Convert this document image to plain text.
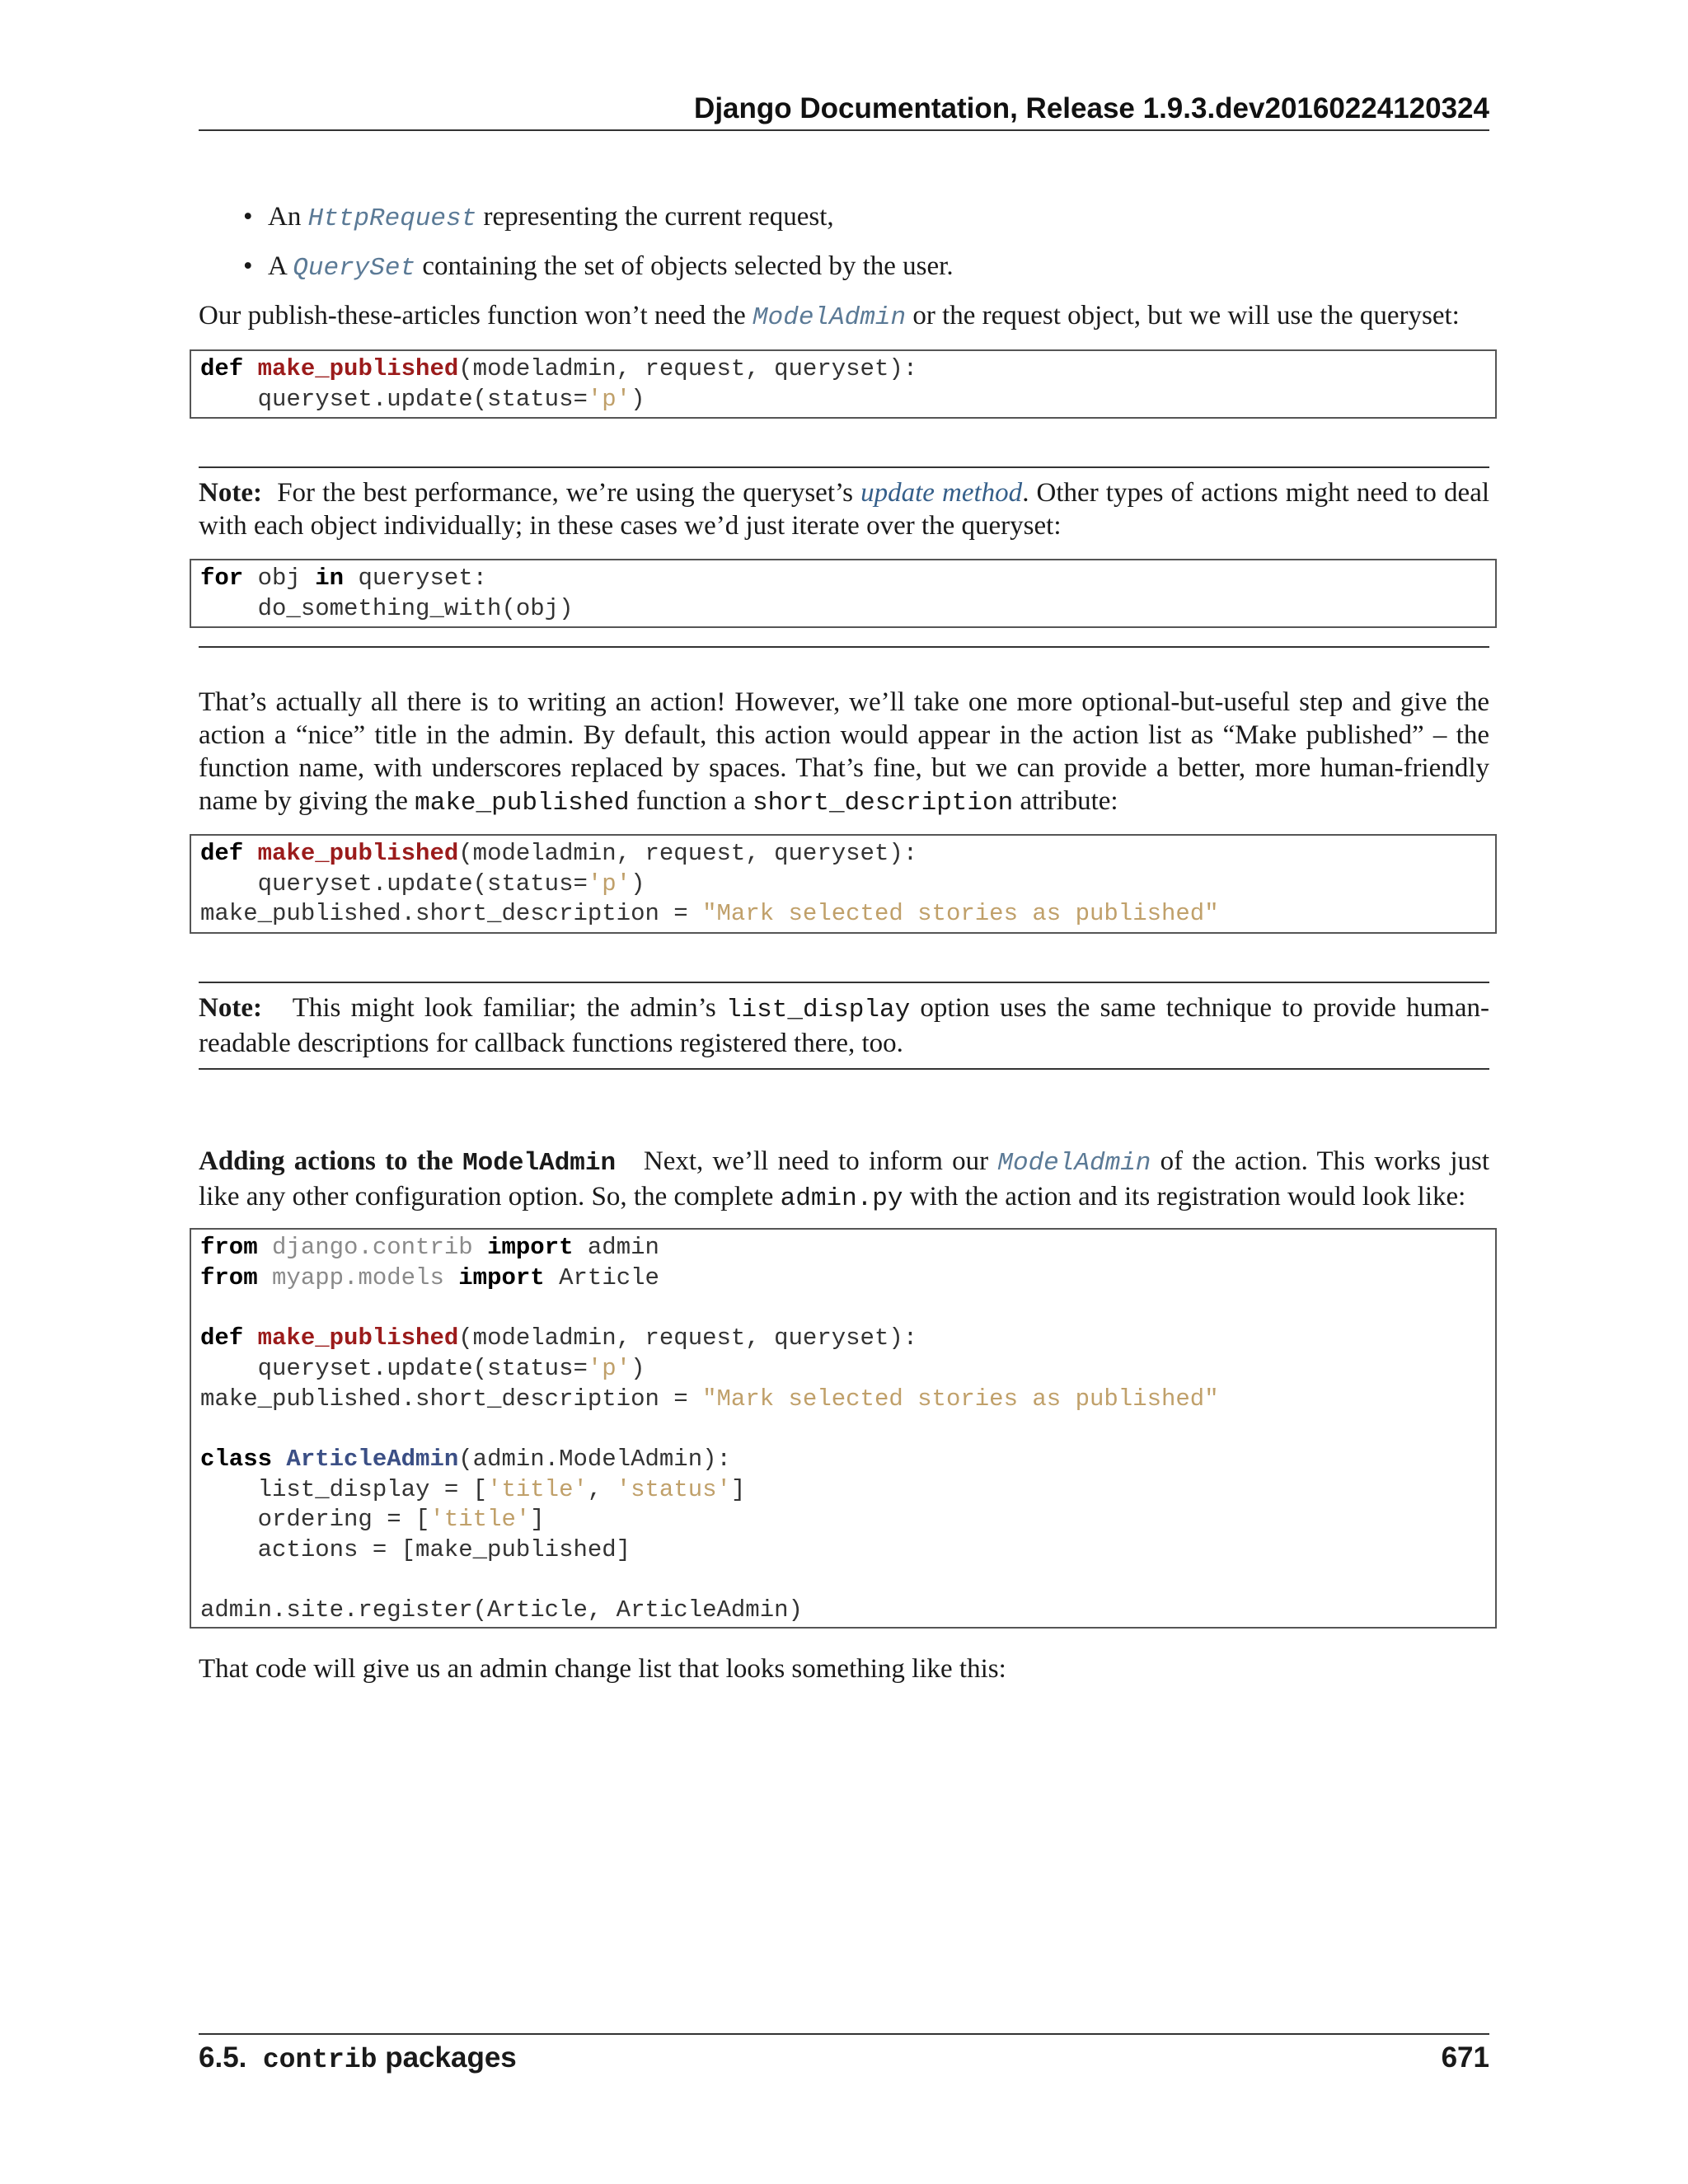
Django Documentation, Release 1.9.3.dev20160224120324
• An HttpRequest representing the current request,
• A QuerySet containing the set of objects selected by the user.
Our publish-these-articles function won’t need the ModelAdmin or the request object, but we will use the queryset:
def make_published(modeladmin, request, queryset):
queryset.update(status='p')
Note: For the best performance, we’re using the queryset’s update method. Other types of actions might need to deal with each object individually; in these cases we’d just iterate over the queryset:
for obj in queryset:
do_something_with(obj)
That’s actually all there is to writing an action! However, we’ll take one more optional-but-useful step and give the action a “nice” title in the admin. By default, this action would appear in the action list as “Make published” – the function name, with underscores replaced by spaces. That’s fine, but we can provide a better, more human-friendly name by giving the make_published function a short_description attribute:
def make_published(modeladmin, request, queryset):
queryset.update(status='p')
make_published.short_description = "Mark selected stories as published"
Note: This might look familiar; the admin’s list_display option uses the same technique to provide human-readable descriptions for callback functions registered there, too.
Adding actions to the ModelAdmin Next, we’ll need to inform our ModelAdmin of the action. This works just like any other configuration option. So, the complete admin.py with the action and its registration would look like:
from django.contrib import admin
from myapp.models import Article

def make_published(modeladmin, request, queryset):
queryset.update(status='p')
make_published.short_description = "Mark selected stories as published"

class ArticleAdmin(admin.ModelAdmin):
list_display = ['title', 'status']
ordering = ['title']
actions = [make_published]

admin.site.register(Article, ArticleAdmin)
That code will give us an admin change list that looks something like this:
6.5. contrib packages	671
